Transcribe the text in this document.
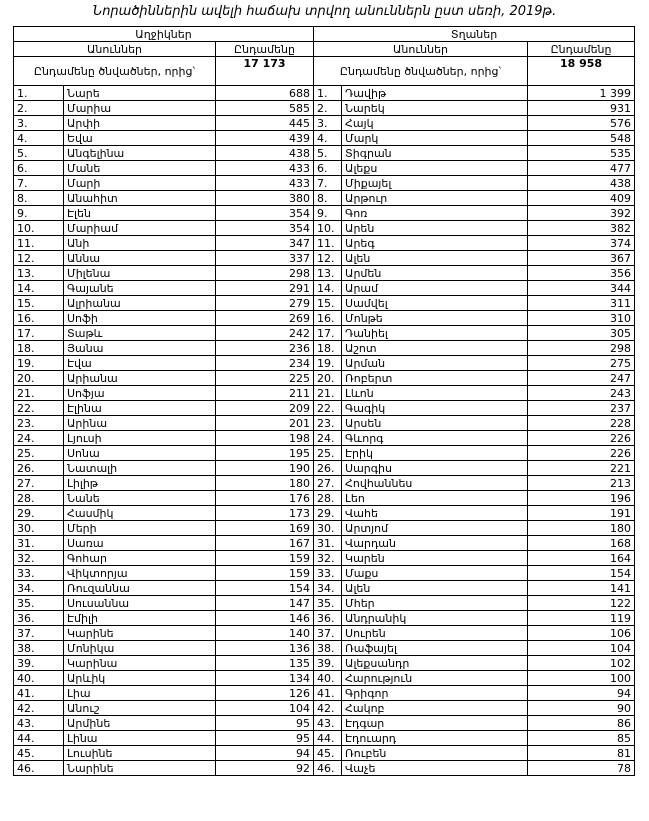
Նորածիններին ավելի հաճախ տրվող անուններն ըստ սեռի, 2019թ.
Աղջիկներ			Տղաներ		
Անուններ		Ընդամենը	Անուններ		Ընդամենը
Ընդամենը ծնվածներ, որից՝		17 173	Ընդամենը ծնվածներ, որից՝		18 958
1.	Նարե	688	1.	Դավիթ	1 399
2.	Մարիա	585	2.	Նարեկ	931
3.	Արփի	445	3.	Հայկ	576
4.	Եվա	439	4.	Մարկ	548
5.	Անգելինա	438	5.	Տիգրան	535
6.	Մանե	433	6.	Ալեքս	477
7.	Մարի	433	7.	Միքայել	438
8.	Անահիտ	380	8.	Արթուր	409
9.	Էլեն	354	9.	Գոռ	392
10.	Մարիամ	354	10.	Արեն	382
11.	Անի	347	11.	Արեգ	374
12.	Աննա	337	12.	Ալեն	367
13.	Միլենա	298	13.	Արմեն	356
14.	Գայանե	291	14.	Արամ	344
15.	Ալրիանա	279	15.	Սամվել	311
16.	Սոֆի	269	16.	Մոնթե	310
17.	Տաթև	242	17.	Դանիել	305
18.	Յանա	236	18.	Աշոտ	298
19.	Էվա	234	19.	Արման	275
20.	Արիանա	225	20.	Ռոբերտ	247
21.	Սոֆյա	211	21.	Լևոն	243
22.	Էլինա	209	22.	Գագիկ	237
23.	Արինա	201	23.	Արսեն	228
24.	Լյուսի	198	24.	Գևորգ	226
25.	Սոնա	195	25.	Էրիկ	226
26.	Նատալի	190	26.	Սարգիս	221
27.	Լիլիթ	180	27.	Հովհաննես	213
28.	Նանե	176	28.	Լեո	196
29.	Հասմիկ	173	29.	Վահե	191
30.	Մերի	169	30.	Արտյոմ	180
31.	Սառա	167	31.	Վարդան	168
32.	Գոհար	159	32.	Կարեն	164
33.	Վիկտորյա	159	33.	Մաքս	154
34.	Ռուզաննա	154	34.	Ալեն	141
35.	Սուսաննա	147	35.	Մհեր	122
36.	Էմիլի	146	36.	Անդրանիկ	119
37.	Կարինե	140	37.	Սուրեն	106
38.	Մոնիկա	136	38.	Ռաֆայել	104
39.	Կարինա	135	39.	Ալեքսանդր	102
40.	Արևիկ	134	40.	Հարություն	100
41.	Լիա	126	41.	Գրիգոր	94
42.	Անուշ	104	42.	Հակոբ	90
43.	Արմինե	95	43.	Էդգար	86
44.	Լինա	95	44.	Էդուարդ	85
45.	Լուսինե	94	45.	Ռուբեն	81
46.	Նարինե	92	46.	Վաչե	78
